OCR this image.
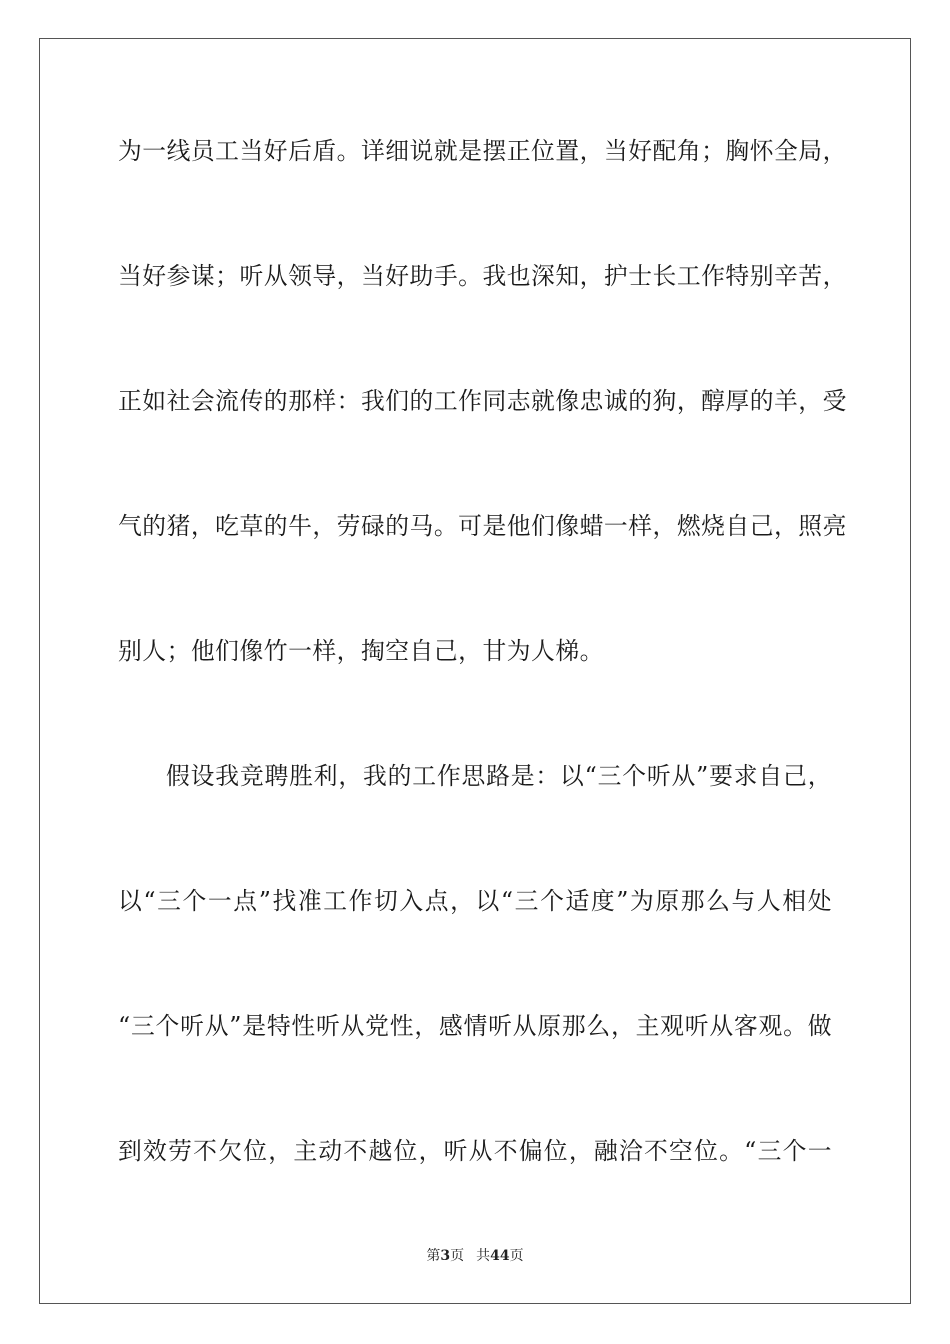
为一线员工当好后盾。详细说就是摆正位置，当好配角；胸怀全局，
当好参谋；听从领导，当好助手。我也深知，护士长工作特别辛苦，
正如社会流传的那样：我们的工作同志就像忠诚的狗，醇厚的羊，受
气的猪，吃草的牛，劳碌的马。可是他们像蜡一样，燃烧自己，照亮
别人；他们像竹一样，掏空自己，甘为人梯。
假设我竞聘胜利，我的工作思路是：以“三个听从”要求自己，
以“三个一点”找准工作切入点，以“三个适度”为原那么与人相处
“三个听从”是特性听从党性，感情听从原那么，主观听从客观。做
到效劳不欠位，主动不越位，听从不偏位，融洽不空位。“三个一
第3页 共44页
